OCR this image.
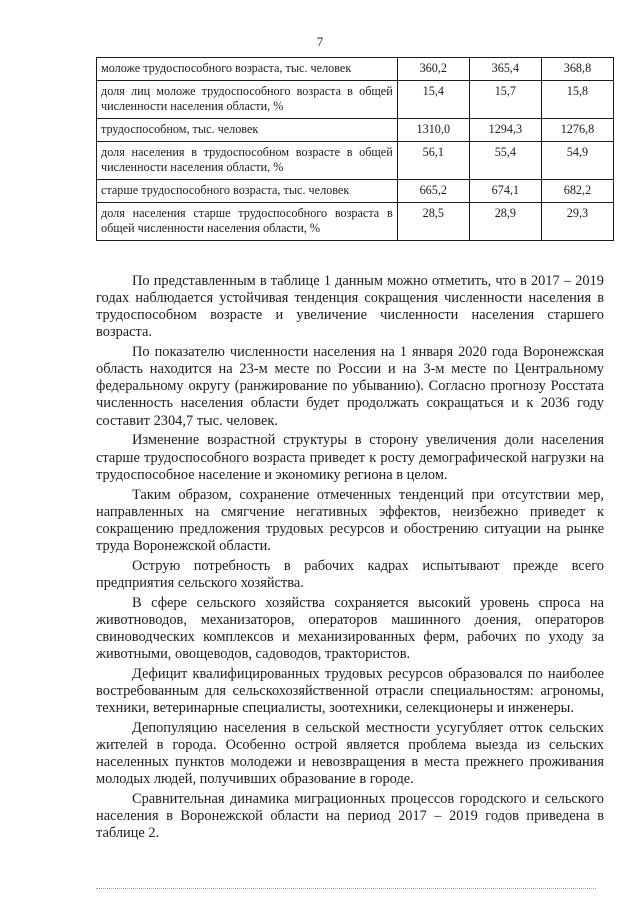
7
моложе трудоспособного возраста, тыс. человек	360,2	365,4	368,8
доля лиц моложе трудоспособного возраста в общей численности населения области, %	15,4	15,7	15,8
трудоспособном, тыс. человек	1310,0	1294,3	1276,8
доля населения в трудоспособном возрасте в общей численности населения области, %	56,1	55,4	54,9
старше трудоспособного возраста, тыс. человек	665,2	674,1	682,2
доля населения старше трудоспособного возраста в общей численности населения области, %	28,5	28,9	29,3

По представленным в таблице 1 данным можно отметить, что в 2017 – 2019 годах наблюдается устойчивая тенденция сокращения численности населения в трудоспособном возрасте и увеличение численности населения старшего возраста.

По показателю численности населения на 1 января 2020 года Воронежская область находится на 23-м месте по России и на 3-м месте по Центральному федеральному округу (ранжирование по убыванию). Согласно прогнозу Росстата численность населения области будет продолжать сокращаться и к 2036 году составит 2304,7 тыс. человек.

Изменение возрастной структуры в сторону увеличения доли населения старше трудоспособного возраста приведет к росту демографической нагрузки на трудоспособное население и экономику региона в целом.

Таким образом, сохранение отмеченных тенденций при отсутствии мер, направленных на смягчение негативных эффектов, неизбежно приведет к сокращению предложения трудовых ресурсов и обострению ситуации на рынке труда Воронежской области.

Острую потребность в рабочих кадрах испытывают прежде всего предприятия сельского хозяйства.

В сфере сельского хозяйства сохраняется высокий уровень спроса на животноводов, механизаторов, операторов машинного доения, операторов свиноводческих комплексов и механизированных ферм, рабочих по уходу за животными, овощеводов, садоводов, трактористов.

Дефицит квалифицированных трудовых ресурсов образовался по наиболее востребованным для сельскохозяйственной отрасли специальностям: агрономы, техники, ветеринарные специалисты, зоотехники, селекционеры и инженеры.

Депопуляцию населения в сельской местности усугубляет отток сельских жителей в города. Особенно острой является проблема выезда из сельских населенных пунктов молодежи и невозвращения в места прежнего проживания молодых людей, получивших образование в городе.

Сравнительная динамика миграционных процессов городского и сельского населения в Воронежской области на период 2017 – 2019 годов приведена в таблице 2.
